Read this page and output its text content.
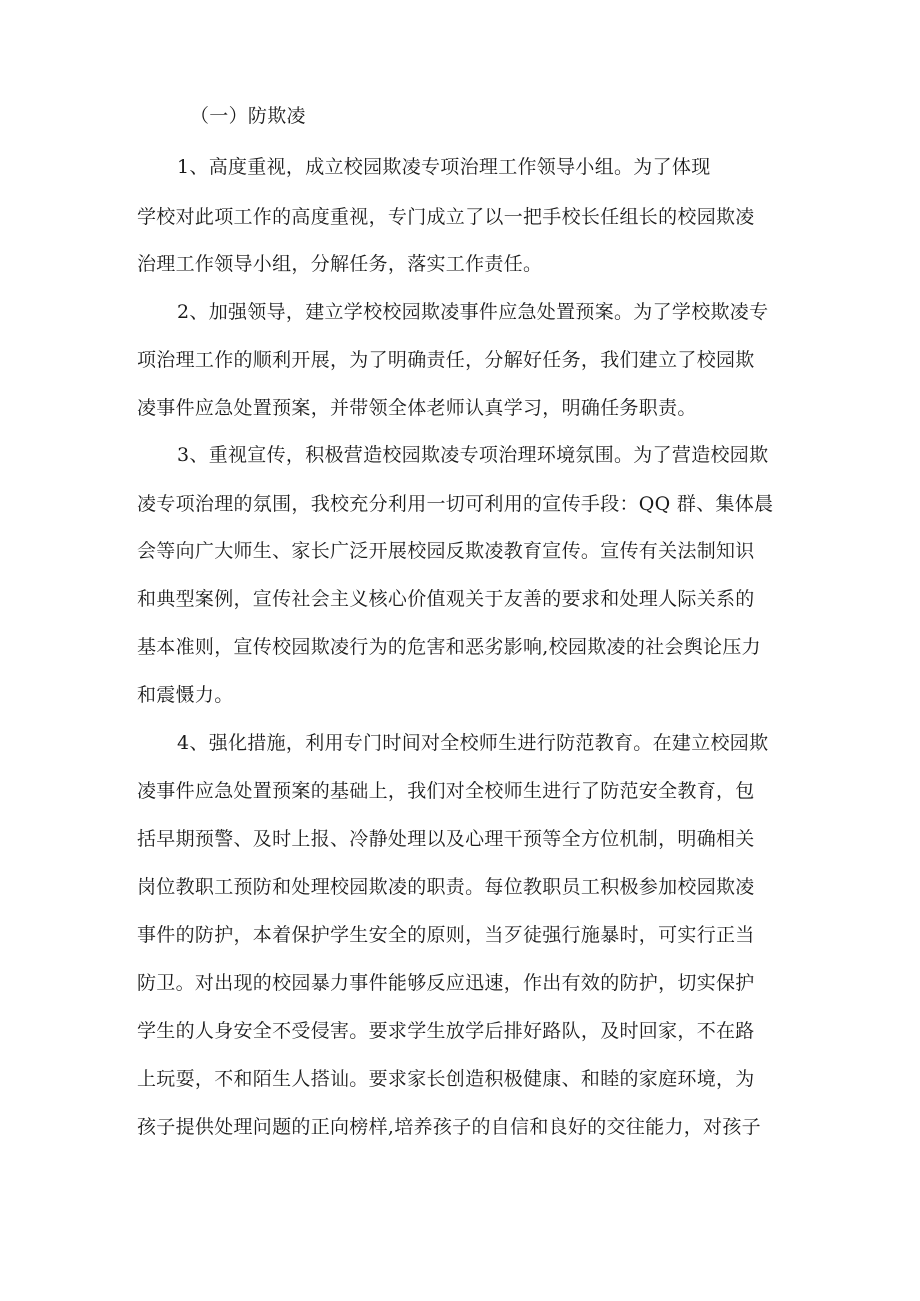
（一）防欺凌

1、高度重视，成立校园欺凌专项治理工作领导小组。为了体现

学校对此项工作的高度重视，专门成立了以一把手校长任组长的校园欺凌

治理工作领导小组，分解任务，落实工作责任。

2、加强领导，建立学校校园欺凌事件应急处置预案。为了学校欺凌专

项治理工作的顺利开展，为了明确责任，分解好任务，我们建立了校园欺

凌事件应急处置预案，并带领全体老师认真学习，明确任务职责。

3、重视宣传，积极营造校园欺凌专项治理环境氛围。为了营造校园欺

凌专项治理的氛围，我校充分利用一切可利用的宣传手段：QQ 群、集体晨

会等向广大师生、家长广泛开展校园反欺凌教育宣传。宣传有关法制知识

和典型案例，宣传社会主义核心价值观关于友善的要求和处理人际关系的

基本准则，宣传校园欺凌行为的危害和恶劣影响,校园欺凌的社会舆论压力

和震慑力。

4、强化措施，利用专门时间对全校师生进行防范教育。在建立校园欺

凌事件应急处置预案的基础上，我们对全校师生进行了防范安全教育，包

括早期预警、及时上报、冷静处理以及心理干预等全方位机制，明确相关

岗位教职工预防和处理校园欺凌的职责。每位教职员工积极参加校园欺凌

事件的防护，本着保护学生安全的原则，当歹徒强行施暴时，可实行正当

防卫。对出现的校园暴力事件能够反应迅速，作出有效的防护，切实保护

学生的人身安全不受侵害。要求学生放学后排好路队，及时回家，不在路

上玩耍，不和陌生人搭讪。要求家长创造积极健康、和睦的家庭环境，为

孩子提供处理问题的正向榜样,培养孩子的自信和良好的交往能力，对孩子
